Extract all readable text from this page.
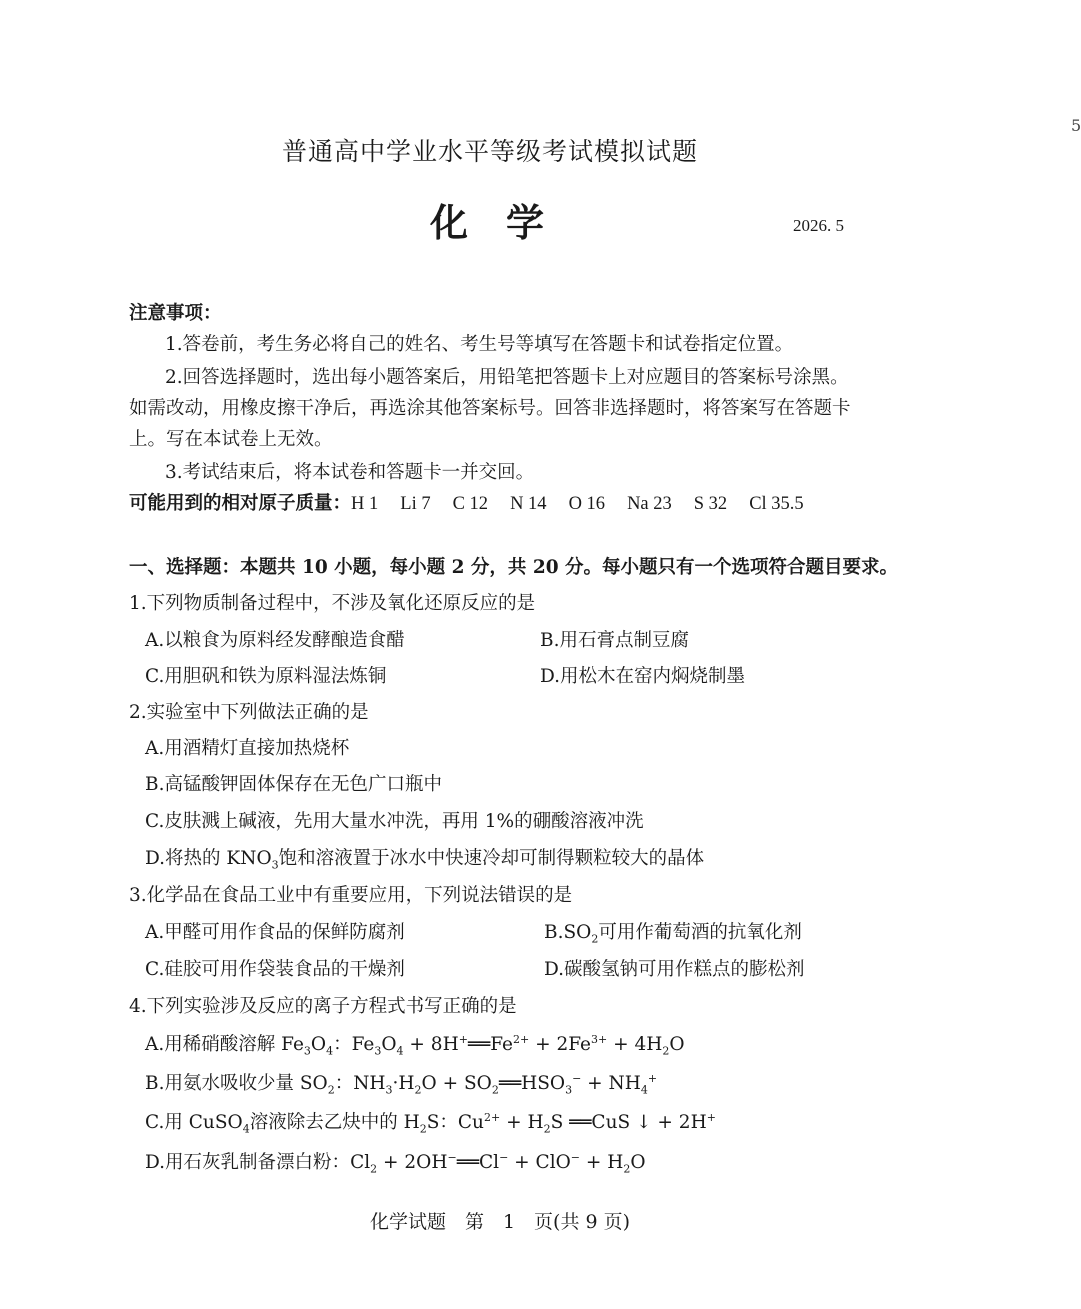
5
普通高中学业水平等级考试模拟试题
化　学	2026. 5
注意事项：
1.答卷前，考生务必将自己的姓名、考生号等填写在答题卡和试卷指定位置。
2.回答选择题时，选出每小题答案后，用铅笔把答题卡上对应题目的答案标号涂黑。
如需改动，用橡皮擦干净后，再选涂其他答案标号。回答非选择题时，将答案写在答题卡
上。写在本试卷上无效。
3.考试结束后，将本试卷和答题卡一并交回。
可能用到的相对原子质量：H 1 Li 7 C 12 N 14 O 16 Na 23 S 32 Cl 35.5
一、选择题：本题共 10 小题，每小题 2 分，共 20 分。每小题只有一个选项符合题目要求。
1.下列物质制备过程中，不涉及氧化还原反应的是
A.以粮食为原料经发酵酿造食醋	B.用石膏点制豆腐
C.用胆矾和铁为原料湿法炼铜	D.用松木在窑内焖烧制墨
2.实验室中下列做法正确的是
A.用酒精灯直接加热烧杯
B.高锰酸钾固体保存在无色广口瓶中
C.皮肤溅上碱液，先用大量水冲洗，再用 1%的硼酸溶液冲洗
D.将热的 $KNO_3$饱和溶液置于冰水中快速冷却可制得颗粒较大的晶体
3.化学品在食品工业中有重要应用，下列说法错误的是
A.甲醛可用作食品的保鲜防腐剂	$B.SO_2$可用作葡萄酒的抗氧化剂
C.硅胶可用作袋装食品的干燥剂	D.碳酸氢钠可用作糕点的膨松剂
4.下列实验涉及反应的离子方程式书写正确的是
A.用稀硝酸溶解 $Fe_3O_4$：$Fe_3O_4$ + $8H^+══Fe^{2+} + 2Fe^{3+} + 4H_2O$
B.用氨水吸收少量 $SO_2$：$NH_3\cdot H_2O$ + $SO_2══HSO_3^- + NH_4^+$
C.用 CuSO$_4$溶液除去乙炔中的 $H_2S$：$Cu^{2+} + H_2S$ ══CuS ↓ + 2H+
D.用石灰乳制备漂白粉：$Cl_2$ + 2OH−══Cl− + $ClO^- + H_2O$
化学试题　第　1　页(共 9 页)
